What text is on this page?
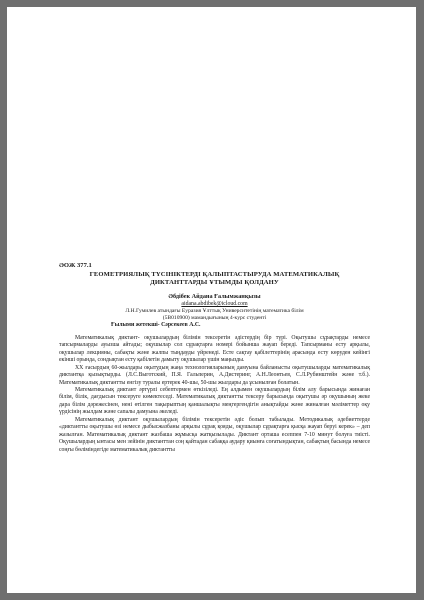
ӘОЖ 377.1
ГЕОМЕТРИЯЛЫҚ ТҮСІНІКТЕРДІ ҚАЛЫПТАСТЫРУДА МАТЕМАТИКАЛЫҚ
ДИКТАНТТАРДЫ ҰТЫМДЫ ҚОЛДАНУ
Әбдібек Айдана Ғалымжанқызы
aidana.abdibek@icloud.com
Л.Н.Гумилев атындағы Еуразия Ұлттық Университетінің математика білім
(5B010900) мамандығының 4-курс студенті
Ғылыми жетекші- Сәрсекеев А.С.

Математикалық диктант- оқушылардың білімін тексеретін әдістердің бір түрі. Оқытушы сұрақтарды немесе тапсырмаларды ауызша айтады; оқушылар сол сұрақтарға номері бойынша жауап береді. Тапсырманы есту арқылы, оқушылар лекцияны, сабақты және жалпы тыңдауды үйренеді. Есте сақтау қабілеттерінің арасында есту көруден кейінгі екінші орында, сондықтан есту қабілетін дамыту оқушылар үшін маңызды.

XX ғасырдың 60-жылдары оқытудың жаңа технологияларының дамуына байланысты оқытушыларды математикалық диктантқа қызықтырды. (Л.С.Выготский, П.Я. Гальперин, А.Дистеринг, А.Н.Леонтьев, С.Л.Рубинштейн және т.б.). Математикалық диктантты енгізу туралы ертерек 40-шы, 50-шы жылдары да ұсынылған болатын.

Математикалық диктант әртүрлі себептермен өткізіледі. Ең алдымен оқушылардың білім алу барысында жинаған білім, білік, дағдысын тексеруге көмектеседі. Математикалық диктантты тексеру барысында оқытушы әр оқушының жеке дара білім дәрежесінен, нені өтілген тақырыптың қаншалықты меңгергендігін анықтайды және жиналған мәліметтер оқу үрдісінің жылдам және сапалы дамуына әкеледі.

Математикалық диктант оқушылардың білімін тексеретін әдіс болып табылады. Методикалық әдебиеттерде «диктантты оқытушы өзі немесе дыбысжазбаны арқылы сұрақ қояды, оқушылар сұрақтарға қысқа жауап беруі керек» – деп жазылған. Математикалық диктант жазбаша жұмысқа жатқызылады. Диктант орташа есеппен 7-10 минут болуға тиісті. Оқушылардың ынтасы мен зейінін диктанттан соң қайтадан сабаққа аудару қиынға соғатындықтан, сабақтың басында немесе соңғы бөліміндегіде математикалық диктантты
